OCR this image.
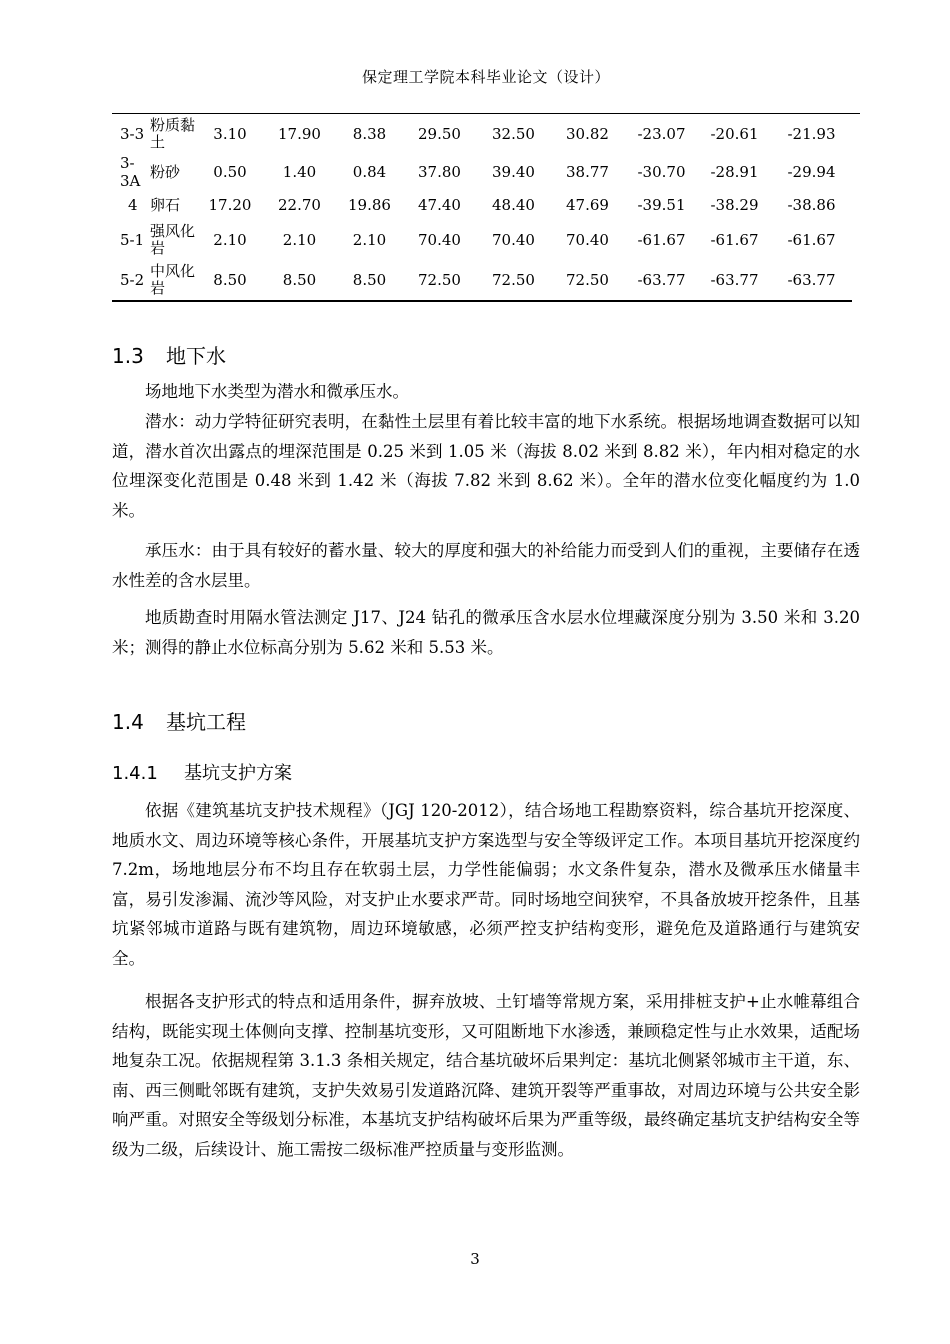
保定理工学院本科毕业论文（设计）
3-3	粉质黏土	3.10	17.90	8.38	29.50	32.50	30.82	-23.07	-20.61	-21.93
3-3A	粉砂	0.50	1.40	0.84	37.80	39.40	38.77	-30.70	-28.91	-29.94
4	卵石	17.20	22.70	19.86	47.40	48.40	47.69	-39.51	-38.29	-38.86
5-1	强风化岩	2.10	2.10	2.10	70.40	70.40	70.40	-61.67	-61.67	-61.67
5-2	中风化岩	8.50	8.50	8.50	72.50	72.50	72.50	-63.77	-63.77	-63.77
1.3 地下水

场地地下水类型为潜水和微承压水。

潜水：动力学特征研究表明，在黏性土层里有着比较丰富的地下水系统。根据场地调查数据可以知道，潜水首次出露点的埋深范围是 0.25 米到 1.05 米（海拔 8.02 米到 8.82 米），年内相对稳定的水位埋深变化范围是 0.48 米到 1.42 米（海拔 7.82 米到 8.62 米）。全年的潜水位变化幅度约为 1.0 米。

承压水：由于具有较好的蓄水量、较大的厚度和强大的补给能力而受到人们的重视，主要储存在透水性差的含水层里。

地质勘查时用隔水管法测定 J17、J24 钻孔的微承压含水层水位埋藏深度分别为 3.50 米和 3.20 米；测得的静止水位标高分别为 5.62 米和 5.53 米。

1.4 基坑工程
1.4.1 基坑支护方案

依据《建筑基坑支护技术规程》（JGJ 120-2012），结合场地工程勘察资料，综合基坑开挖深度、地质水文、周边环境等核心条件，开展基坑支护方案选型与安全等级评定工作。本项目基坑开挖深度约 7.2m，场地地层分布不均且存在软弱土层，力学性能偏弱；水文条件复杂，潜水及微承压水储量丰富，易引发渗漏、流沙等风险，对支护止水要求严苛。同时场地空间狭窄，不具备放坡开挖条件，且基坑紧邻城市道路与既有建筑物，周边环境敏感，必须严控支护结构变形，避免危及道路通行与建筑安全。

根据各支护形式的特点和适用条件，摒弃放坡、土钉墙等常规方案，采用排桩支护+止水帷幕组合结构，既能实现土体侧向支撑、控制基坑变形，又可阻断地下水渗透，兼顾稳定性与止水效果，适配场地复杂工况。依据规程第 3.1.3 条相关规定，结合基坑破坏后果判定：基坑北侧紧邻城市主干道，东、南、西三侧毗邻既有建筑，支护失效易引发道路沉降、建筑开裂等严重事故，对周边环境与公共安全影响严重。对照安全等级划分标准，本基坑支护结构破坏后果为严重等级，最终确定基坑支护结构安全等级为二级，后续设计、施工需按二级标准严控质量与变形监测。

3
